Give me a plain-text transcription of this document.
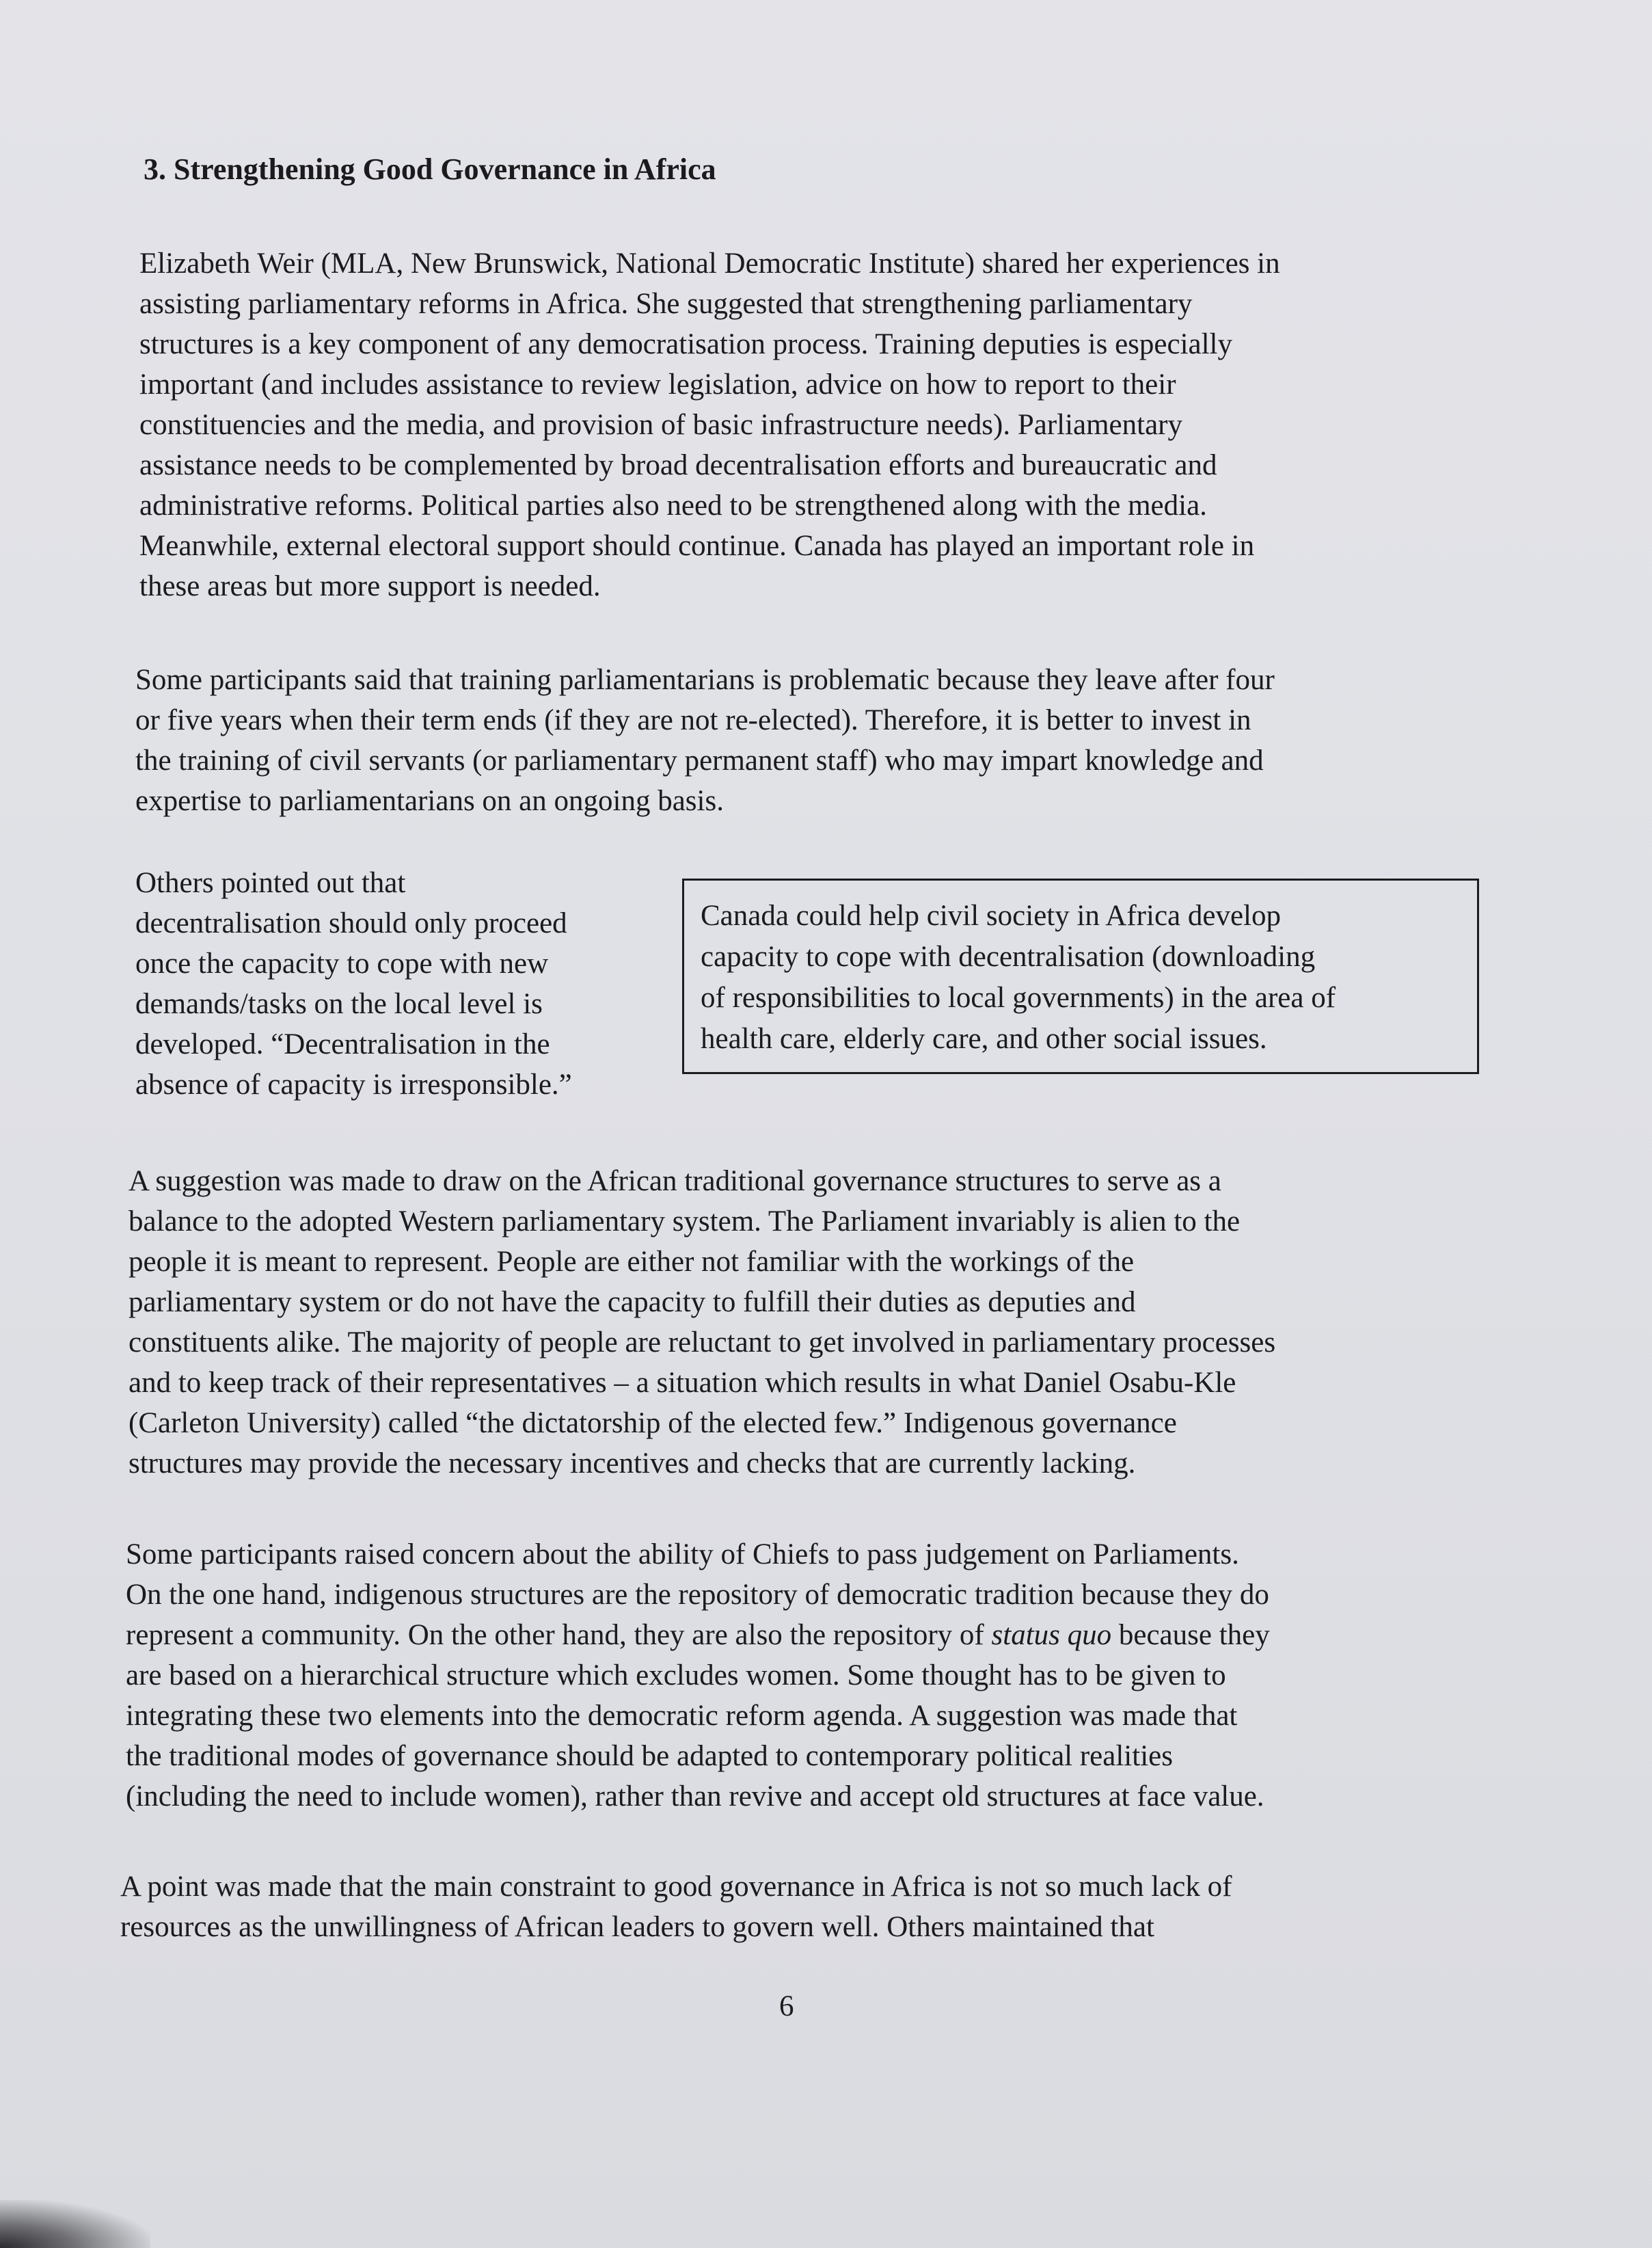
3. Strengthening Good Governance in Africa

Elizabeth Weir (MLA, New Brunswick, National Democratic Institute) shared her experiences in
assisting parliamentary reforms in Africa. She suggested that strengthening parliamentary
structures is a key component of any democratisation process. Training deputies is especially
important (and includes assistance to review legislation, advice on how to report to their
constituencies and the media, and provision of basic infrastructure needs). Parliamentary
assistance needs to be complemented by broad decentralisation efforts and bureaucratic and
administrative reforms. Political parties also need to be strengthened along with the media.
Meanwhile, external electoral support should continue. Canada has played an important role in
these areas but more support is needed.

Some participants said that training parliamentarians is problematic because they leave after four
or five years when their term ends (if they are not re-elected). Therefore, it is better to invest in
the training of civil servants (or parliamentary permanent staff) who may impart knowledge and
expertise to parliamentarians on an ongoing basis.

Others pointed out that
decentralisation should only proceed
once the capacity to cope with new
demands/tasks on the local level is
developed. “Decentralisation in the
absence of capacity is irresponsible.”

Canada could help civil society in Africa develop
capacity to cope with decentralisation (downloading
of responsibilities to local governments) in the area of
health care, elderly care, and other social issues.

A suggestion was made to draw on the African traditional governance structures to serve as a
balance to the adopted Western parliamentary system. The Parliament invariably is alien to the
people it is meant to represent. People are either not familiar with the workings of the
parliamentary system or do not have the capacity to fulfill their duties as deputies and
constituents alike. The majority of people are reluctant to get involved in parliamentary processes
and to keep track of their representatives – a situation which results in what Daniel Osabu-Kle
(Carleton University) called “the dictatorship of the elected few.” Indigenous governance
structures may provide the necessary incentives and checks that are currently lacking.

Some participants raised concern about the ability of Chiefs to pass judgement on Parliaments.
On the one hand, indigenous structures are the repository of democratic tradition because they do
represent a community. On the other hand, they are also the repository of status quo because they
are based on a hierarchical structure which excludes women. Some thought has to be given to
integrating these two elements into the democratic reform agenda. A suggestion was made that
the traditional modes of governance should be adapted to contemporary political realities
(including the need to include women), rather than revive and accept old structures at face value.

A point was made that the main constraint to good governance in Africa is not so much lack of
resources as the unwillingness of African leaders to govern well. Others maintained that

6
